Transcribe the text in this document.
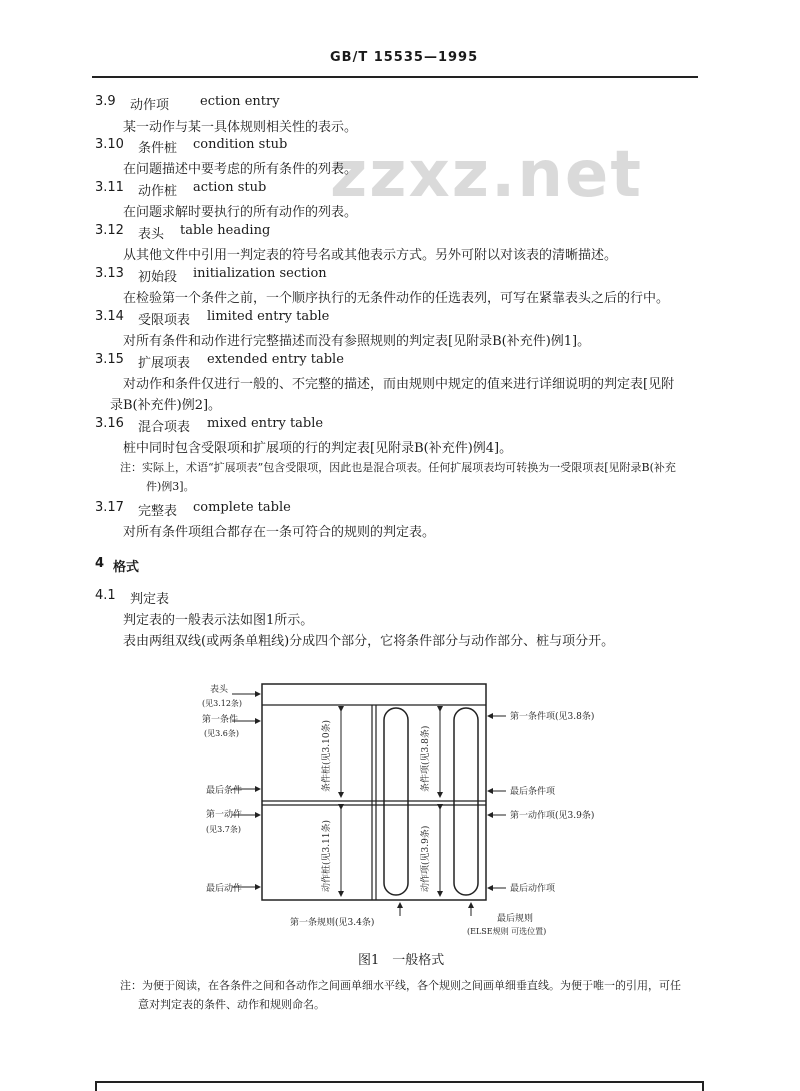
GB/T 15535—1995
zzxz.net
3.9 动作项 ection entry
某一动作与某一具体规则相关性的表示。
3.10 条件桩 condition stub
在问题描述中要考虑的所有条件的列表。
3.11 动作桩 action stub
在问题求解时要执行的所有动作的列表。
3.12 表头 table heading
从其他文件中引用一判定表的符号名或其他表示方式。另外可附以对该表的清晰描述。
3.13 初始段 initialization section
在检验第一个条件之前，一个顺序执行的无条件动作的任选表列，可写在紧靠表头之后的行中。
3.14 受限项表 limited entry table
对所有条件和动作进行完整描述而没有参照规则的判定表[见附录B(补充件)例1]。
3.15 扩展项表 extended entry table
对动作和条件仅进行一般的、不完整的描述，而由规则中规定的值来进行详细说明的判定表[见附
录B(补充件)例2]。
3.16 混合项表 mixed entry table
桩中同时包含受限项和扩展项的行的判定表[见附录B(补充件)例4]。
注：实际上，术语“扩展项表”包含受限项，因此也是混合项表。任何扩展项表均可转换为一受限项表[见附录B(补充
件)例3]。
3.17 完整表 complete table
对所有条件项组合都存在一条可符合的规则的判定表。
4 格式
4.1 判定表
判定表的一般表示法如图1所示。
表由两组双线(或两条单粗线)分成四个部分，它将条件部分与动作部分、桩与项分开。
表头
(见3.12条)
第一条件
(见3.6条)
最后条件
第一动作
(见3.7条)
最后动作
第一条件项(见3.8条)
最后条件项
第一动作项(见3.9条)
最后动作项
条件桩(见3.10条)
动作桩(见3.11条)
条件项(见3.8条)
动作项(见3.9条)
第一条规则(见3.4条)	最后规则
(ELSE规则 可选位置)
图1　一般格式
注：为便于阅读，在各条件之间和各动作之间画单细水平线，各个规则之间画单细垂直线。为便于唯一的引用，可任
意对判定表的条件、动作和规则命名。
